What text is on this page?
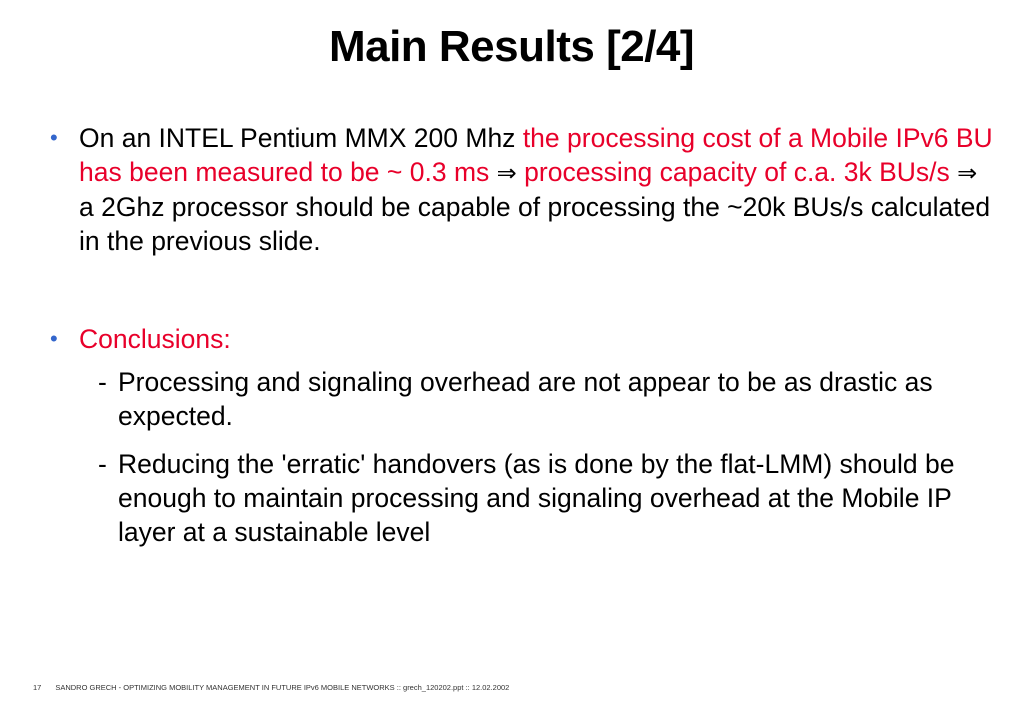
Main Results [2/4]
• On an INTEL Pentium MMX 200 Mhz the processing cost of a Mobile IPv6 BU has been measured to be ~ 0.3 ms ⇒ processing capacity of c.a. 3k BUs/s ⇒ a 2Ghz processor should be capable of processing the ~20k BUs/s calculated in the previous slide.
• Conclusions:
- Processing and signaling overhead are not appear to be as drastic as expected.
- Reducing the 'erratic' handovers (as is done by the flat-LMM) should be enough to maintain processing and signaling overhead at the Mobile IP layer at a sustainable level
17 SANDRO GRECH - OPTIMIZING MOBILITY MANAGEMENT IN FUTURE IPv6 MOBILE NETWORKS :: grech_120202.ppt :: 12.02.2002
